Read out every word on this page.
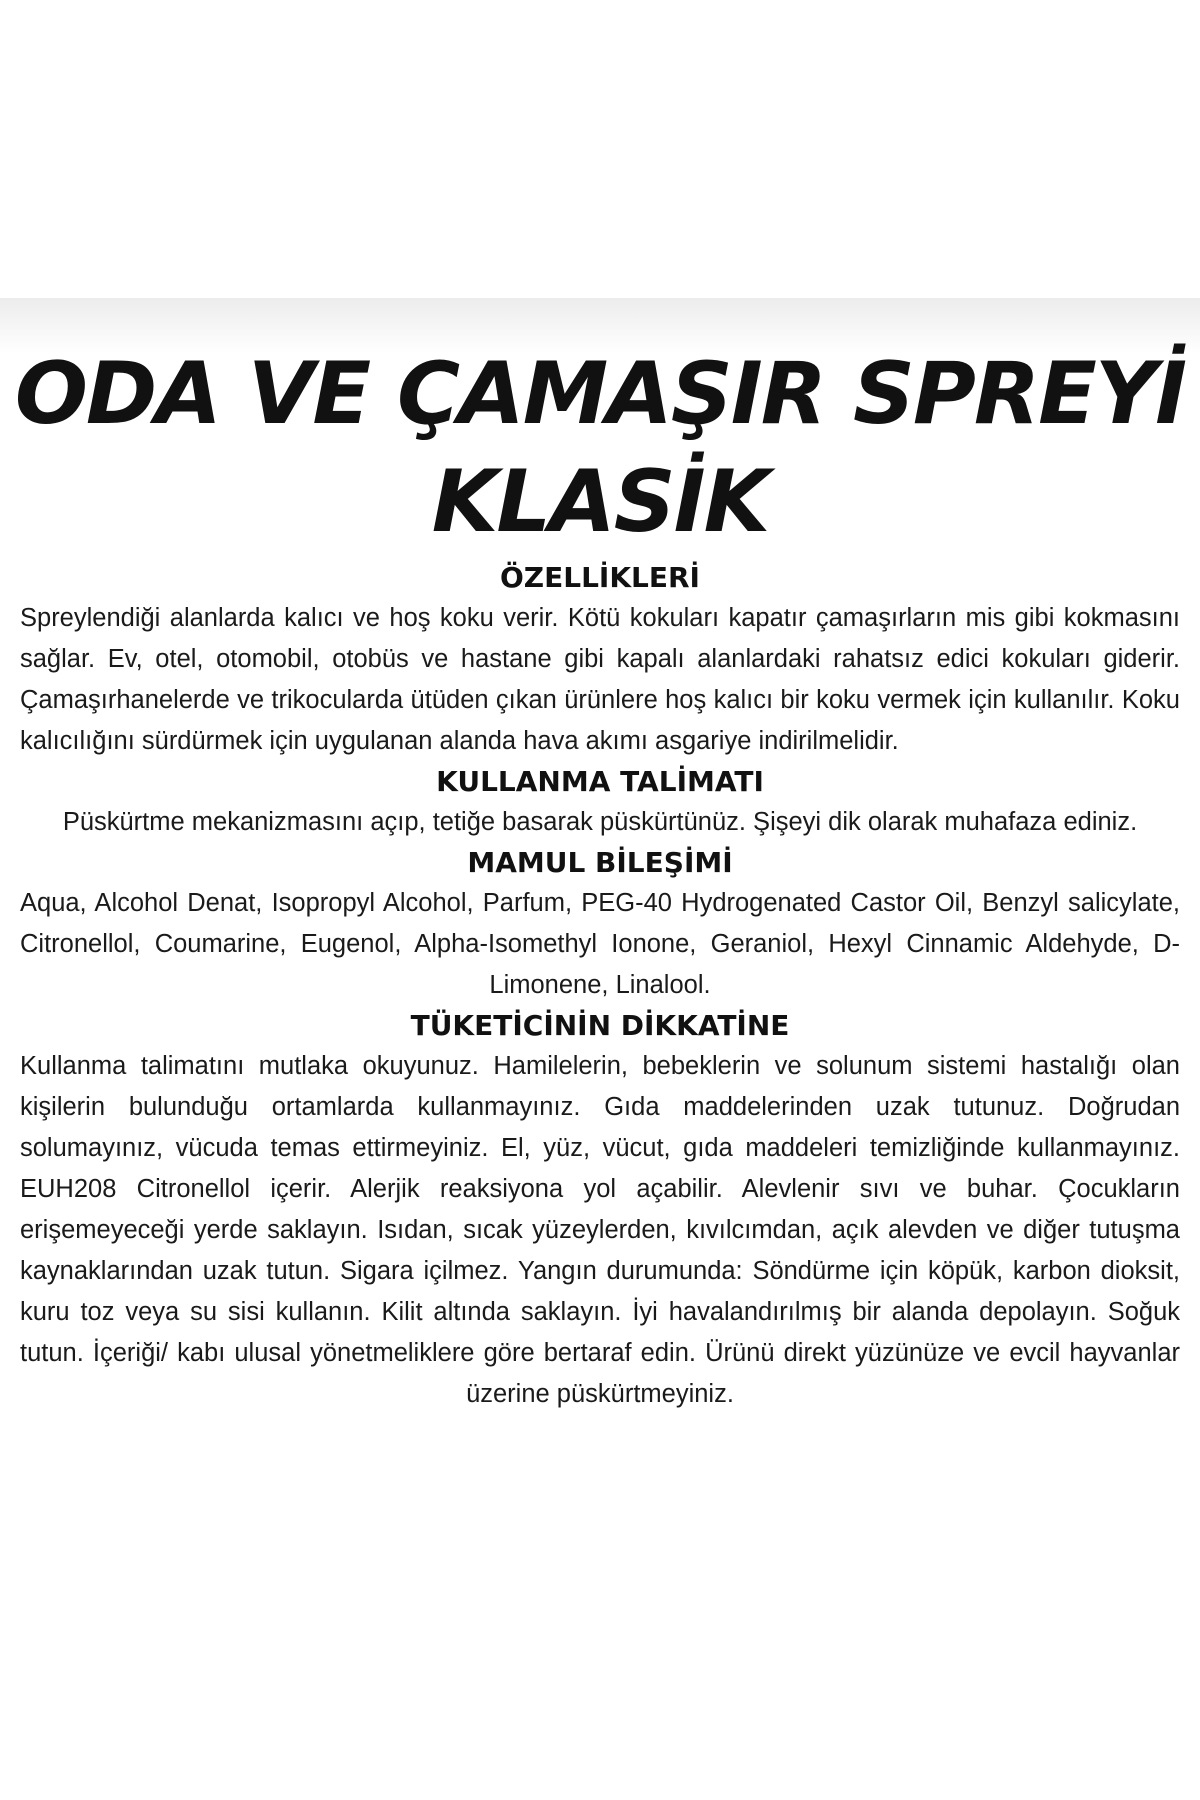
ODA VE ÇAMAŞIR SPREYİ
KLASİK
ÖZELLİKLERİ

Spreylendiği alanlarda kalıcı ve hoş koku verir. Kötü kokuları kapatır çamaşırların mis gibi kokmasını sağlar. Ev, otel, otomobil, otobüs ve hastane gibi kapalı alanlardaki rahatsız edici kokuları giderir. Çamaşırhanelerde ve trikocularda ütüden çıkan ürünlere hoş kalıcı bir koku vermek için kullanılır. Koku kalıcılığını sürdürmek için uygulanan alanda hava akımı asgariye indirilmelidir.

KULLANMA TALİMATI

Püskürtme mekanizmasını açıp, tetiğe basarak püskürtünüz. Şişeyi dik olarak muhafaza ediniz.

MAMUL BİLEŞİMİ

Aqua, Alcohol Denat, Isopropyl Alcohol, Parfum, PEG-40 Hydrogenated Castor Oil, Benzyl salicylate, Citronellol, Coumarine, Eugenol, Alpha-Isomethyl Ionone, Geraniol, Hexyl Cinnamic Aldehyde, D-Limonene, Linalool.

TÜKETİCİNİN DİKKATİNE

Kullanma talimatını mutlaka okuyunuz. Hamilelerin, bebeklerin ve solunum sistemi hastalığı olan kişilerin bulunduğu ortamlarda kullanmayınız. Gıda maddelerinden uzak tutunuz. Doğrudan solumayınız, vücuda temas ettirmeyiniz. El, yüz, vücut, gıda maddeleri temizliğinde kullanmayınız. EUH208 Citronellol içerir. Alerjik reaksiyona yol açabilir. Alevlenir sıvı ve buhar. Çocukların erişemeyeceği yerde saklayın. Isıdan, sıcak yüzeylerden, kıvılcımdan, açık alevden ve diğer tutuşma kaynaklarından uzak tutun. Sigara içilmez. Yangın durumunda: Söndürme için köpük, karbon dioksit, kuru toz veya su sisi kullanın. Kilit altında saklayın. İyi havalandırılmış bir alanda depolayın. Soğuk tutun. İçeriği/ kabı ulusal yönetmeliklere göre bertaraf edin. Ürünü direkt yüzünüze ve evcil hayvanlar üzerine püskürtmeyiniz.
